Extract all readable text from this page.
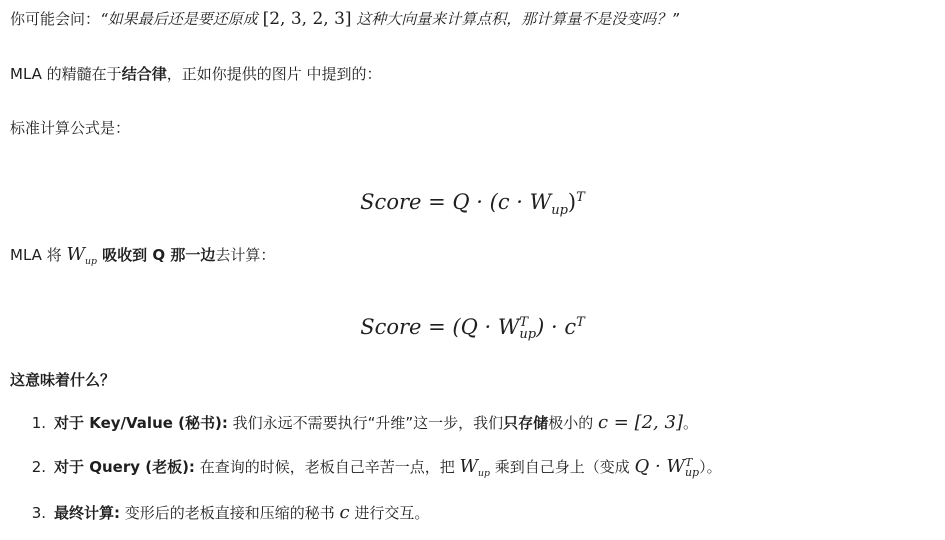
你可能会问：“如果最后还是要还原成 [2, 3, 2, 3] 这种大向量来计算点积，那计算量不是没变吗？”
MLA 的精髓在于结合律，正如你提供的图片 中提到的：
标准计算公式是：
Score = $Q \cdot (c \cdot W_{up})^T$
MLA 将 $W_{up}$ 吸收到 Q 那一边去计算：
Score = (Q · W T
up ) · $c^T$
这意味着什么？
1. 对于 Key/Value (秘书): 我们永远不需要执行“升维”这一步，我们只存储极小的 c = [2, 3]。
2. 对于 Query (老板): 在查询的时候，老板自己辛苦一点，把 $W_{up}$ 乘到自己身上（变成 Q · W T
up ）。
3. 最终计算: 变形后的老板直接和压缩的秘书 c 进行交互。
